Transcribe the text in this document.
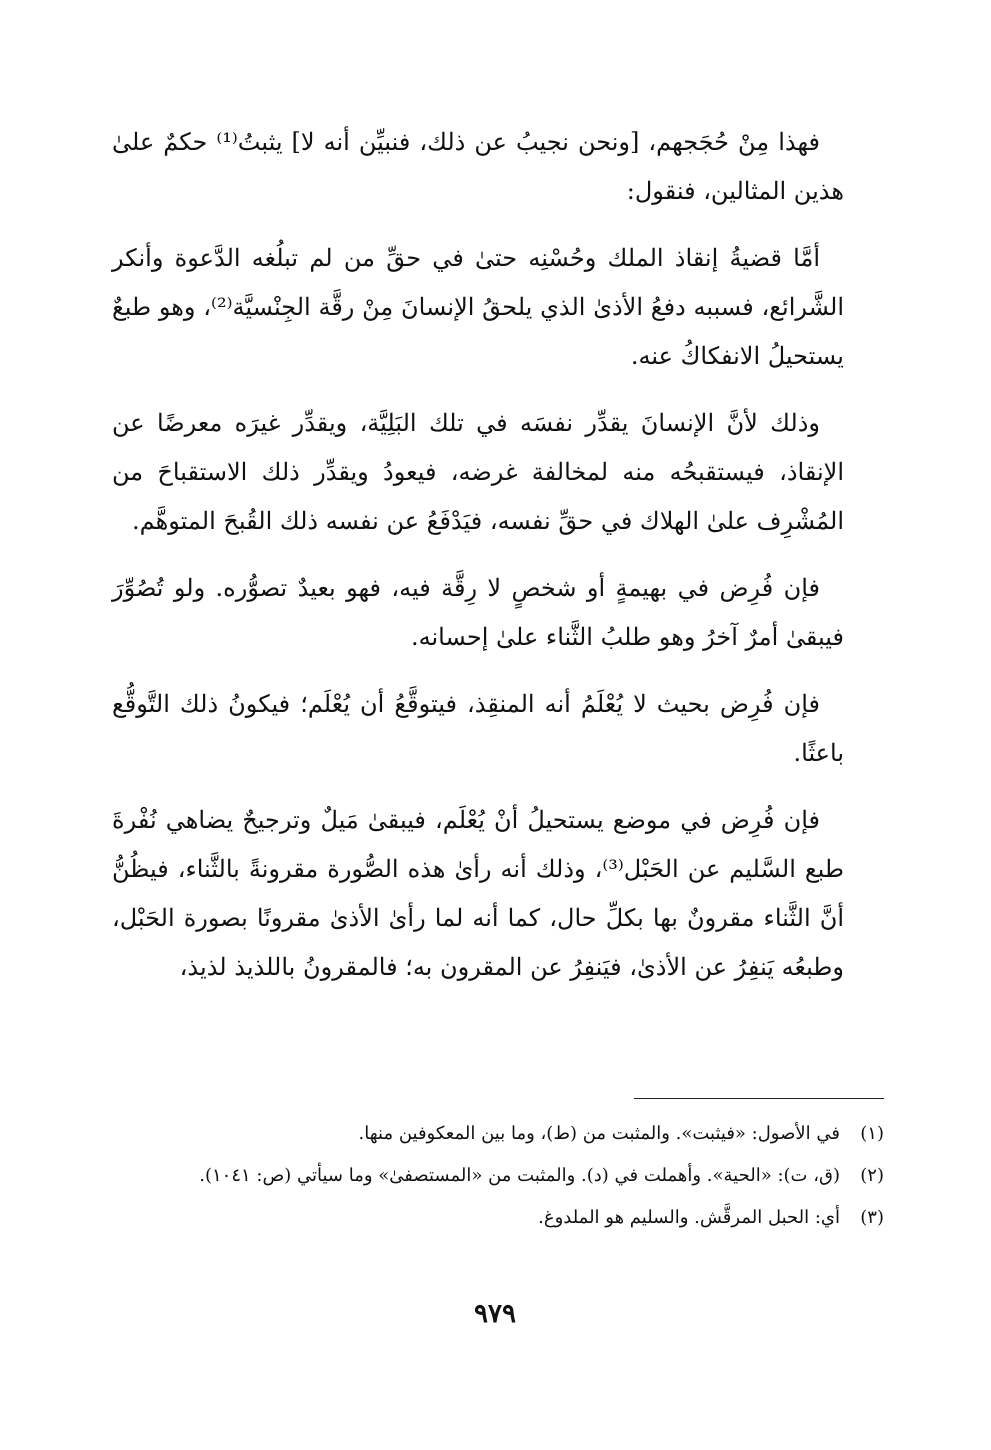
فهذا مِنْ حُجَجهم، [ونحن نجيبُ عن ذلك، فنبيِّن أنه لا] يثبتُ⁽¹⁾ حكمٌ علىٰ هذين المثالين، فنقول:

أمَّا قضيةُ إنقاذ الملك وحُسْنِه حتىٰ في حقِّ من لم تبلُغه الدَّعوة وأنكر الشَّرائع، فسببه دفعُ الأذىٰ الذي يلحقُ الإنسانَ مِنْ رقَّة الجِنْسيَّة⁽²⁾، وهو طبعٌ يستحيلُ الانفكاكُ عنه.

وذلك لأنَّ الإنسانَ يقدِّر نفسَه في تلك البَلِيَّة، ويقدِّر غيرَه معرضًا عن الإنقاذ، فيستقبحُه منه لمخالفة غرضه، فيعودُ ويقدِّر ذلك الاستقباحَ من المُشْرِف علىٰ الهلاك في حقِّ نفسه، فيَدْفَعُ عن نفسه ذلك القُبحَ المتوهَّم.

فإن فُرِض في بهيمةٍ أو شخصٍ لا رِقَّة فيه، فهو بعيدٌ تصوُّره. ولو تُصُوِّرَ فيبقىٰ أمرٌ آخرُ وهو طلبُ الثَّناء علىٰ إحسانه.

فإن فُرِض بحيث لا يُعْلَمُ أنه المنقِذ، فيتوقَّعُ أن يُعْلَم؛ فيكونُ ذلك التَّوقُّع باعثًا.

فإن فُرِض في موضع يستحيلُ أنْ يُعْلَم، فيبقىٰ مَيلٌ وترجيحٌ يضاهي نُفْرةَ طبع السَّليم عن الحَبْل⁽³⁾، وذلك أنه رأىٰ هذه الصُّورة مقرونةً بالثَّناء، فيظُنُّ أنَّ الثَّناء مقرونٌ بها بكلِّ حال، كما أنه لما رأىٰ الأذىٰ مقرونًا بصورة الحَبْل، وطبعُه يَنفِرُ عن الأذىٰ، فيَنفِرُ عن المقرون به؛ فالمقرونُ باللذيذ لذيذ،

(١)
في الأصول: «فيثبت». والمثبت من (ط)، وما بين المعكوفين منها.
(٢)
(ق، ت): «الحية». وأهملت في (د). والمثبت من «المستصفىٰ» وما سيأتي (ص: ١٠٤١).
(٣)
أي: الحبل المرقَّش. والسليم هو الملدوغ.
٩٧٩
